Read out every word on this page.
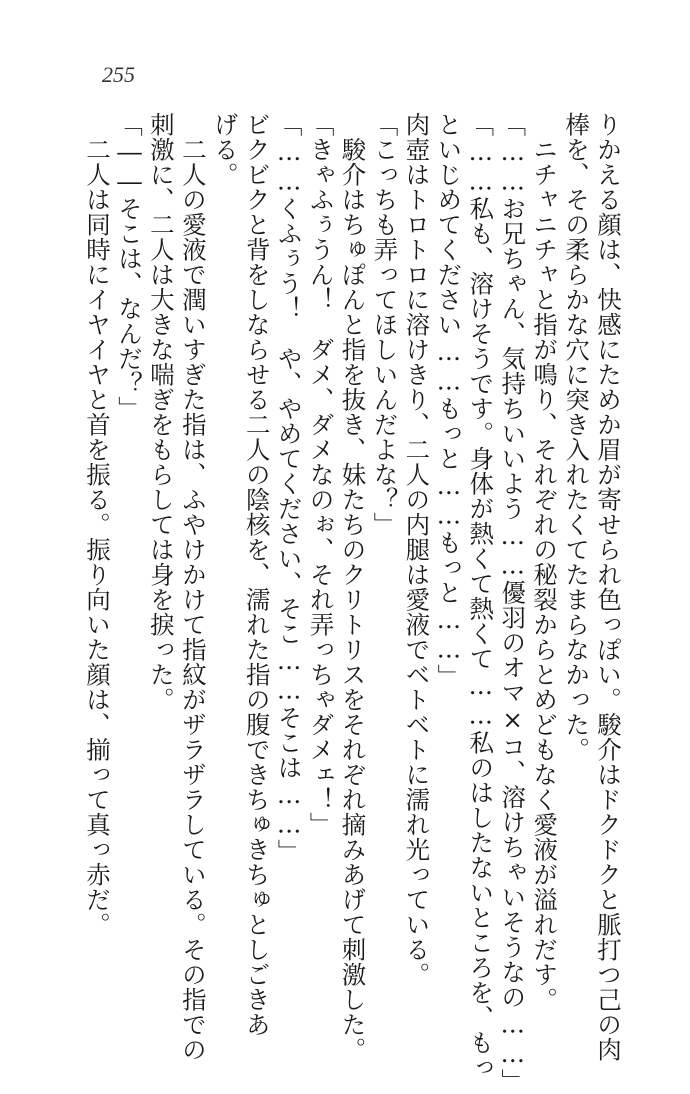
255
りかえる顔は、快感にためか眉が寄せられ色っぽい。駿介はドクドクと脈打つ己の肉
棒を、その柔らかな穴に突き入れたくてたまらなかった。
ニチャニチャと指が鳴り、それぞれの秘裂からとめどもなく愛液が溢れだす。
「……お兄ちゃん、気持ちいいよう……優羽のオマ×コ、溶けちゃいそうなの……」
「……私も、溶けそうです。身体が熱くて熱くて……私のはしたないところを、もっ
といじめてください……もっと……もっと……」
肉壺はトロトロに溶けきり、二人の内腿は愛液でベトベトに濡れ光っている。
「こっちも弄ってほしいんだよな？」
駿介はちゅぽんと指を抜き、妹たちのクリトリスをそれぞれ摘みあげて刺激した。
「きゃふぅうん！　ダメ、ダメなのぉ、それ弄っちゃダメェ！」
「……くふぅう！　や、やめてください、そこ……そこは……」
ビクビクと背をしならせる二人の陰核を、濡れた指の腹できちゅきちゅとしごきあ
げる。
二人の愛液で潤いすぎた指は、ふやけかけて指紋がザラザラしている。その指での
刺激に、二人は大きな喘ぎをもらしては身を捩った。
「――そこは、なんだ？」
二人は同時にイヤイヤと首を振る。振り向いた顔は、揃って真っ赤だ。
